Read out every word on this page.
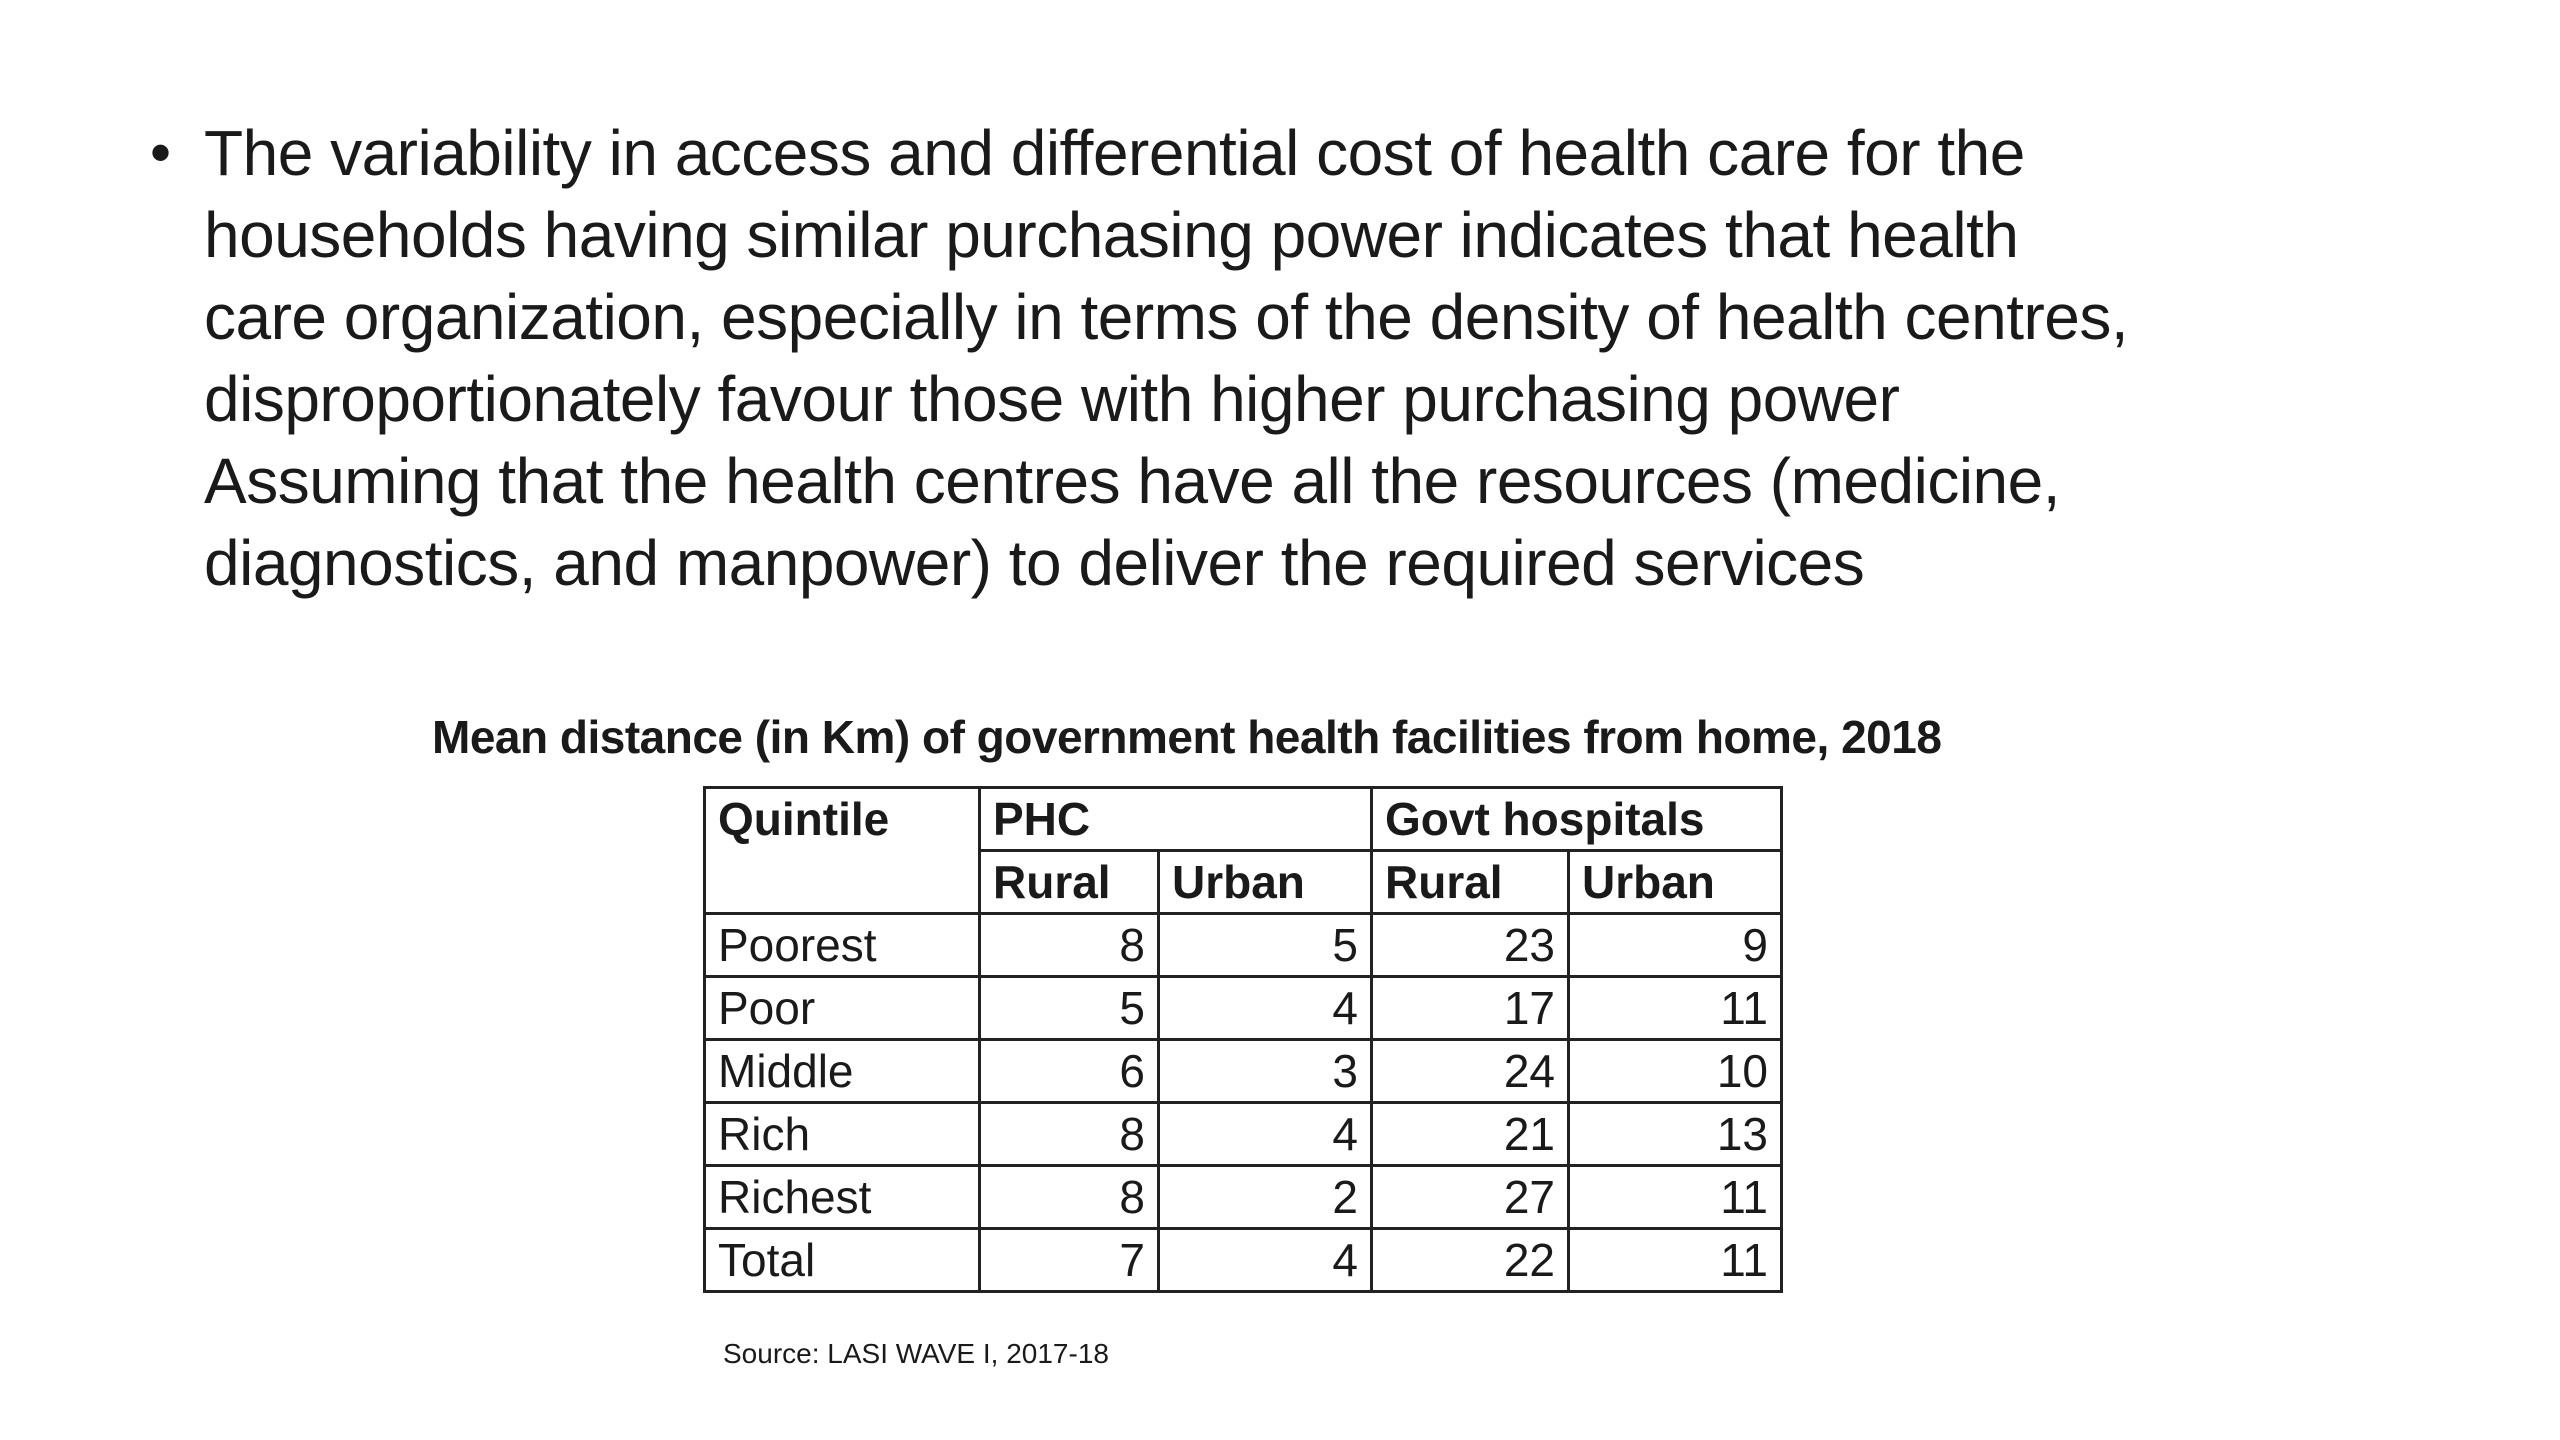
• The variability in access and differential cost of health care for the
households having similar purchasing power indicates that health
care organization, especially in terms of the density of health centres,
disproportionately favour those with higher purchasing power
Assuming that the health centres have all the resources (medicine,
diagnostics, and manpower) to deliver the required services
Mean distance (in Km) of government health facilities from home, 2018
Quintile	PHC		Govt hospitals	
	Rural	Urban	Rural	Urban
Poorest	8	5	23	9
Poor	5	4	17	11
Middle	6	3	24	10
Rich	8	4	21	13
Richest	8	2	27	11
Total	7	4	22	11
Source: LASI WAVE I, 2017-18
